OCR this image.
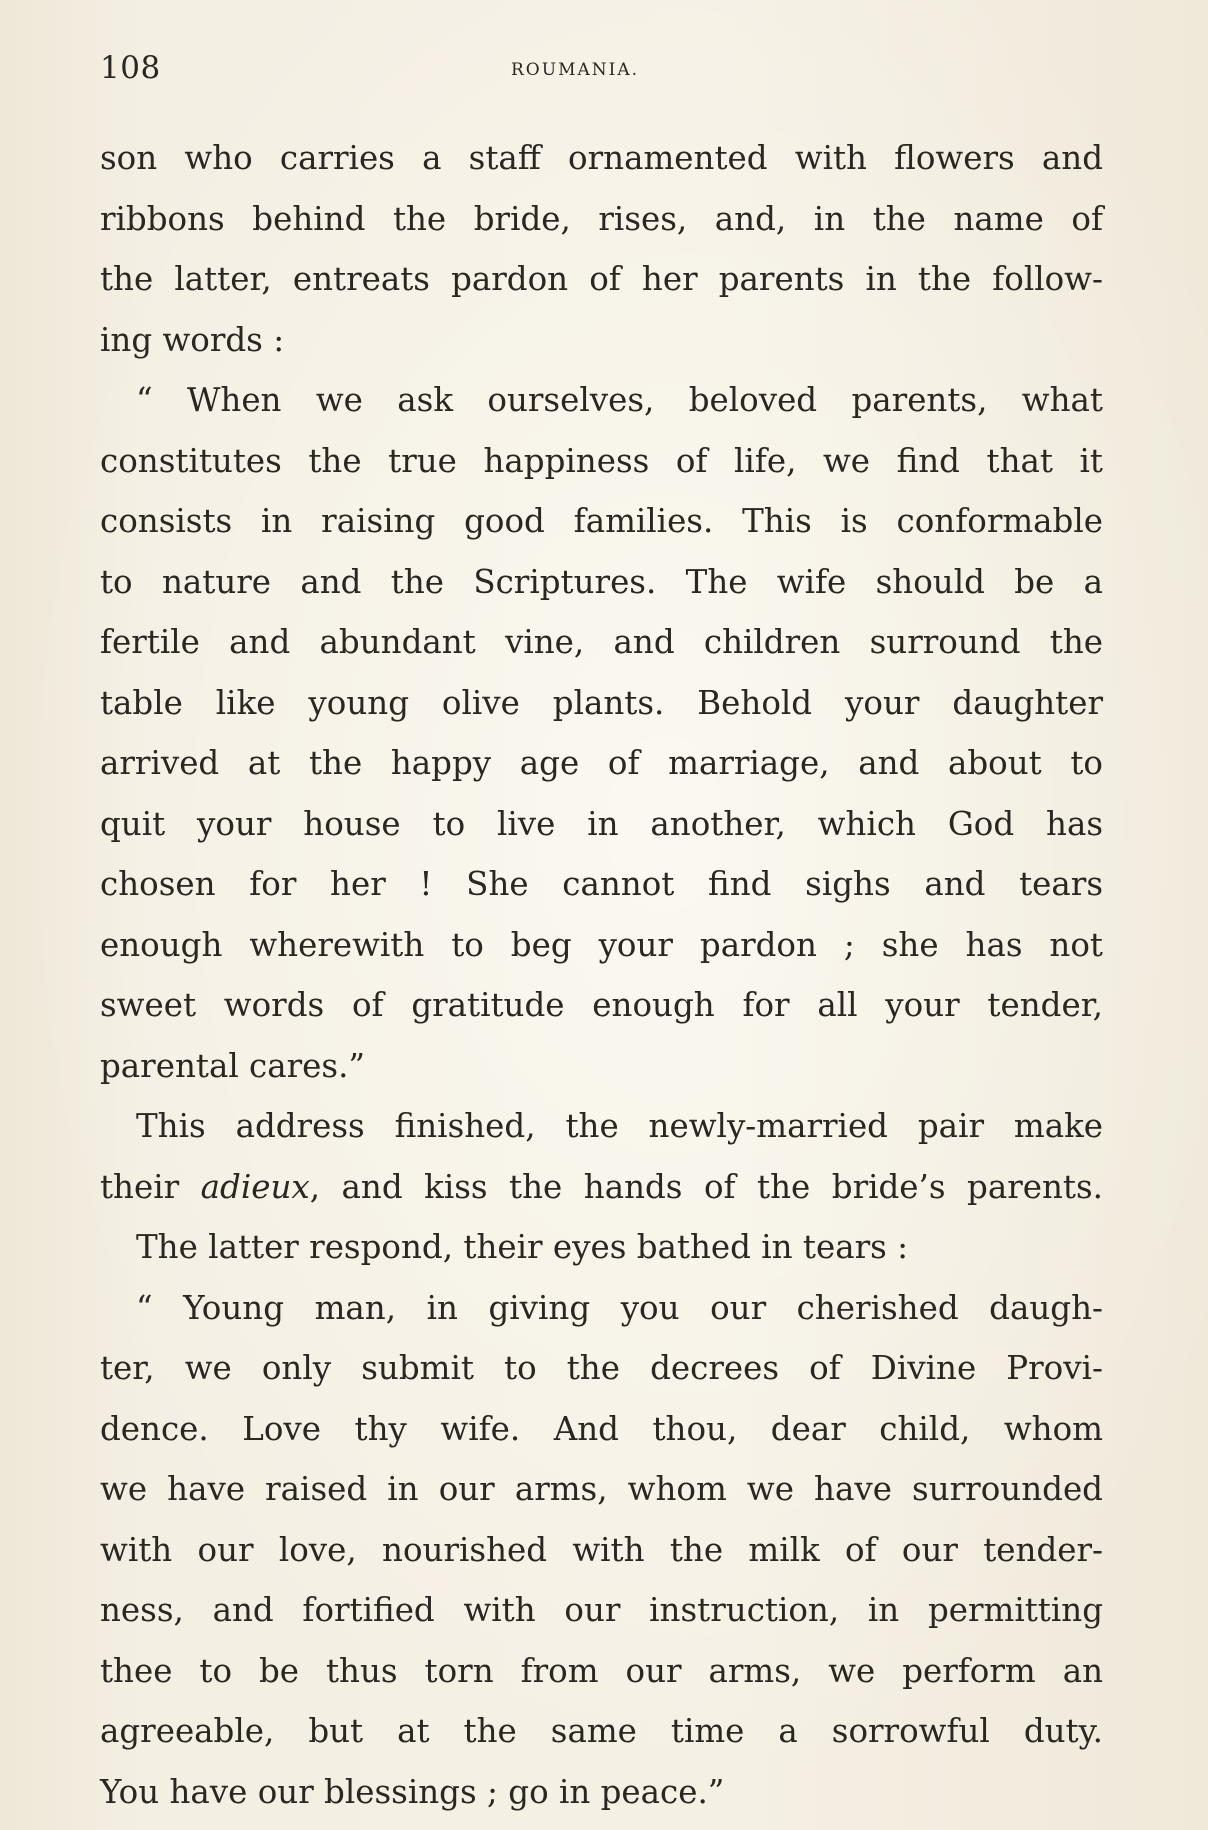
108	ROUMANIA.
son who carries a staff ornamented with flowers and
ribbons behind the bride, rises, and, in the name of
the latter, entreats pardon of her parents in the follow-
ing words :
“ When we ask ourselves, beloved parents, what
constitutes the true happiness of life, we find that it
consists in raising good families. This is conformable
to nature and the Scriptures. The wife should be a
fertile and abundant vine, and children surround the
table like young olive plants. Behold your daughter
arrived at the happy age of marriage, and about to
quit your house to live in another, which God has
chosen for her ! She cannot find sighs and tears
enough wherewith to beg your pardon ; she has not
sweet words of gratitude enough for all your tender,
parental cares.”
This address finished, the newly-married pair make
their adieux, and kiss the hands of the bride’s parents.
The latter respond, their eyes bathed in tears :
“ Young man, in giving you our cherished daugh-
ter, we only submit to the decrees of Divine Provi-
dence. Love thy wife. And thou, dear child, whom
we have raised in our arms, whom we have surrounded
with our love, nourished with the milk of our tender-
ness, and fortified with our instruction, in permitting
thee to be thus torn from our arms, we perform an
agreeable, but at the same time a sorrowful duty.
You have our blessings ; go in peace.”
